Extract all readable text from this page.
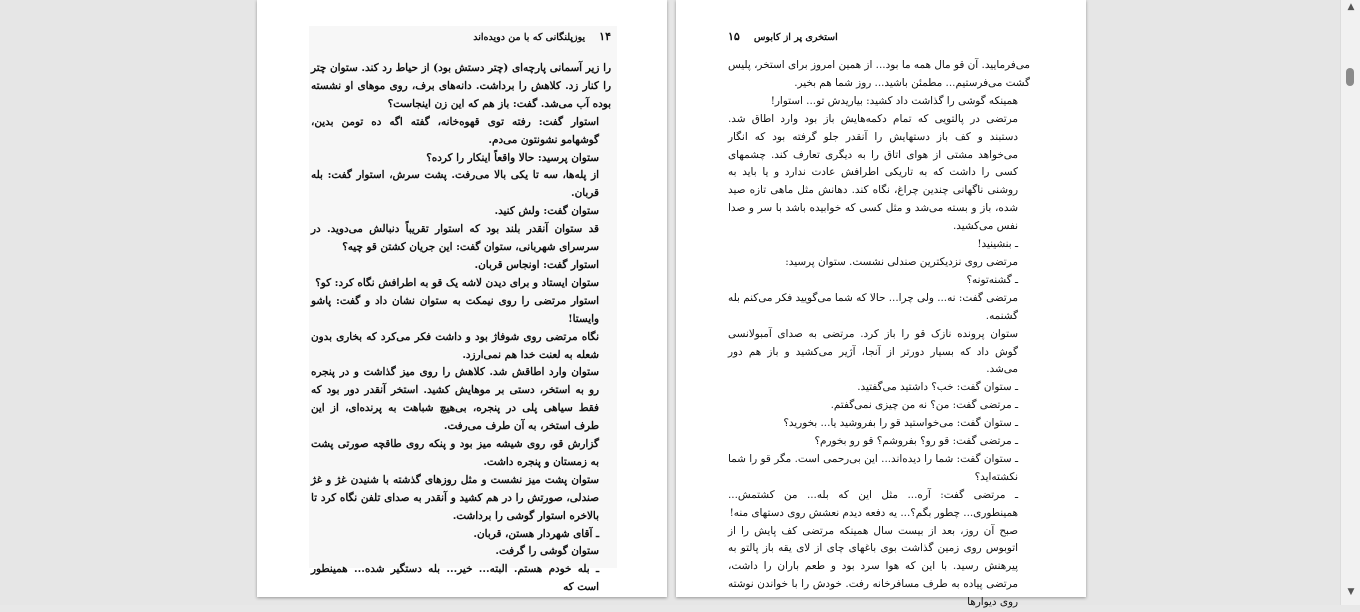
۱۴
یوزپلنگانی که با من دویده‌اند

را زیر آسمانی پارچه‌ای (چتر دستش بود) از حیاط رد کند. ستوان چتر را کنار زد. کلاهش را برداشت. دانه‌های برف، روی موهای او نشسته بوده آب می‌شد. گفت: باز هم که این زن اینجاست؟

استوار گفت: رفته توی قهوه‌خانه، گفته اگه ده تومن بدین، گوشهامو نشونتون می‌دم.

ستوان پرسید: حالا واقعاً اینکار را کرده؟

از پله‌ها، سه تا یکی بالا می‌رفت. پشت سرش، استوار گفت: بله قربان.

ستوان گفت: ولش کنید.

قد ستوان آنقدر بلند بود که استوار تقریباً دنبالش می‌دوید. در سرسرای شهربانی، ستوان گفت: این جریان کشتن قو چیه؟

استوار گفت: اونجاس قربان.

ستوان ایستاد و برای دیدن لاشه یک قو به اطرافش نگاه کرد: کو؟

استوار مرتضی را روی نیمکت به ستوان نشان داد و گفت: پاشو وایستا!

نگاه مرتضی روی شوفاژ بود و داشت فکر می‌کرد که بخاری بدون شعله به لعنت خدا هم نمی‌ارزد.

ستوان وارد اطاقش شد. کلاهش را روی میز گذاشت و در پنجره رو به استخر، دستی بر موهایش کشید. استخر آنقدر دور بود که فقط سیاهی پلی در پنجره، بی‌هیچ شباهت به پرنده‌ای، از این طرف استخر، به آن طرف می‌رفت.

گزارش قو، روی شیشه میز بود و پنکه روی طاقچه صورتی پشت به زمستان و پنجره داشت.

ستوان پشت میز نشست و مثل روزهای گذشته با شنیدن غژ و غژ صندلی، صورتش را در هم کشید و آنقدر به صدای تلفن نگاه کرد تا بالاخره استوار گوشی را برداشت.

ـ آقای شهردار هستن، قربان.

ستوان گوشی را گرفت.

ـ بله خودم هستم. البته... خیر... بله دستگیر شده... همینطور است که

۱۵ استخری پر از کابوس

می‌فرمایید. آن قو مال همه ما بود... از همین امروز برای استخر، پلیس گشت می‌فرستیم... مطمئن باشید... روز شما هم بخیر.

همینکه گوشی را گذاشت داد کشید: بیاریدش تو... استوار!

مرتضی در پالتویی که تمام دکمه‌هایش باز بود وارد اطاق شد. دستبند و کف باز دستهایش را آنقدر جلو گرفته بود که انگار می‌خواهد مشتی از هوای اتاق را به دیگری تعارف کند. چشمهای کسی را داشت که به تاریکی اطرافش عادت ندارد و یا باید به روشنی ناگهانی چندین چراغ، نگاه کند. دهانش مثل ماهی تازه صید شده، باز و بسته می‌شد و مثل کسی که خوابیده باشد با سر و صدا نفس می‌کشید.

ـ بنشینید!

مرتضی روی نزدیکترین صندلی نشست. ستوان پرسید:

ـ گشنه‌تونه؟

مرتضی گفت: نه... ولی چرا... حالا که شما می‌گویید فکر می‌کنم بله گشنمه.

ستوان پرونده نازک قو را باز کرد. مرتضی به صدای آمبولانسی گوش داد که بسیار دورتر از آنجا، آژیر می‌کشید و باز هم دور می‌شد.

ـ ستوان گفت: خب؟ داشتید می‌گفتید.

ـ مرتضی گفت: من؟ نه من چیزی نمی‌گفتم.

ـ ستوان گفت: می‌خواستید قو را بفروشید یا... بخورید؟

ـ مرتضی گفت: قو رو؟ بفروشم؟ قو رو بخورم؟

ـ ستوان گفت: شما را دیده‌اند... این بی‌رحمی است. مگر قو را شما نکشته‌اید؟

ـ مرتضی گفت: آره... مثل این که بله... من کشتمش... همینطوری... چطور بگم؟... یه دفعه دیدم نعشش روی دستهای منه!

صبح آن روز، بعد از بیست سال همینکه مرتضی کف پایش را از اتوبوس روی زمین گذاشت بوی باغهای چای از لای یقه باز پالتو به پیرهنش رسید. با این که هوا سرد بود و طعم باران را داشت، مرتضی پیاده به طرف مسافرخانه رفت. خودش را با خواندن نوشته روی دیوارها

▲
▼
